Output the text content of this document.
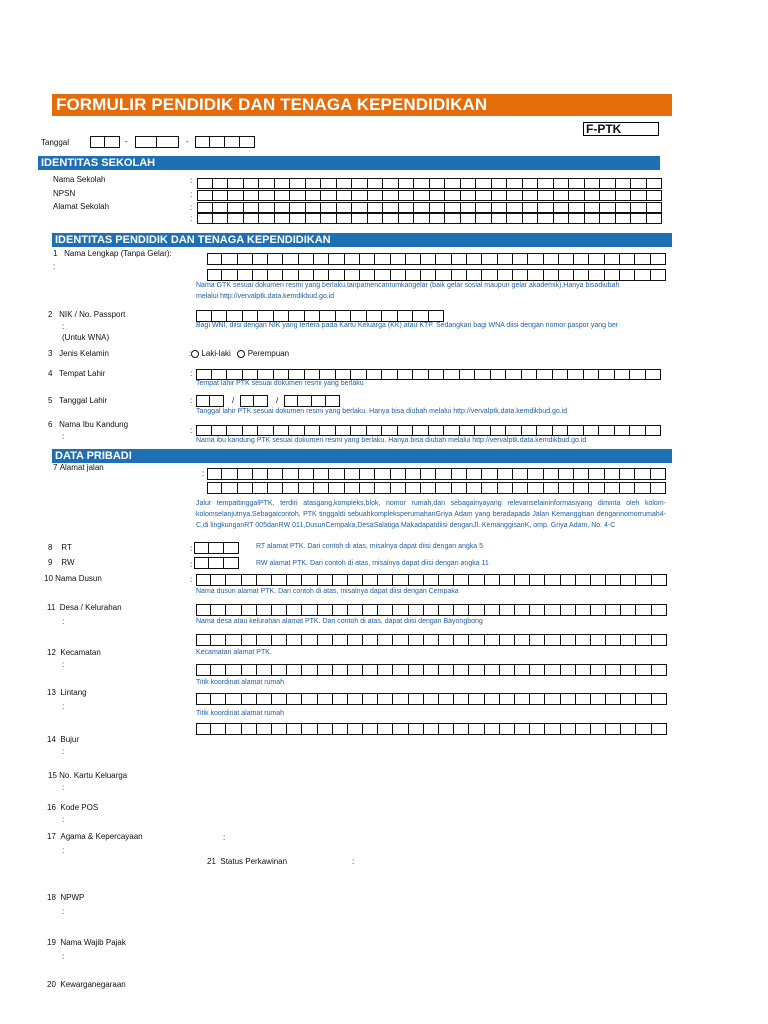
FORMULIR PENDIDIK DAN TENAGA KEPENDIDIKAN
F-PTK
Tanggal	-	-
IDENTITAS SEKOLAH
Nama Sekolah	:
NPSN	:
Alamat Sekolah	:
:
IDENTITAS PENDIDIK DAN TENAGA KEPENDIDIKAN
1 Nama Lengkap (Tanpa Gelar):
:
Nama GTK sesuai dokumen resmi yang berlaku,tanpamencantumkangelar (baik gelar sosial maupun gelar akademik).Hanya bisadiubah
melalui http://vervalptk.data.kemdikbud.go.id
2 NIK / No. Passport
:
(Untuk WNA)
Bagi WNI, diisi dengan NIK yang tertera pada Kartu Keluarga (KK) atau KTP. Sedangkan bagi WNA diisi dengan nomor paspor yang ber
3 Jenis Kelamin	: Laki-laki Perempuan
4 Tempat Lahir	:
Tempat lahir PTK sesuai dokumen resmi yang berlaku
5 Tanggal Lahir	:	/	/
Tanggal lahir PTK sesuai dokumen resmi yang berlaku. Hanya bisa diubah melalui http://vervalptk.data.kemdikbud.go.id
6 Nama Ibu Kandung
:
:
Nama ibu kandung PTK sesuai dokumen resmi yang berlaku. Hanya bisa diubah melalui http://vervalptk.data.kemdikbud.go.id
DATA PRIBADI
7 Alamat jalan
:
Jalur tempattinggalPTK, terdiri atasgang,kompleks,blok, nomor rumah,dan sebagainyayang relevanselaininformasiyang diminta oleh kolom-kolomselanjutnya.Sebagaicontoh, PTK tinggaldi sebuahkompleksperumahanGriya Adam yang beradapada Jalan Kemanggisan dengannomorrumah4-C,di lingkunganRT 005danRW 011,DusunCempaka,DesaSalatiga.Makadapatdiisi denganJl. KemanggisanK, omp. Griya Adam, No. 4-C
8 RT	:	RT alamat PTK. Dari contoh di atas, misalnya dapat diisi dengan angka 5
9 RW	:	RW alamat PTK. Dari contoh di atas, misalnya dapat diisi dengan angka 11
10 Nama Dusun	:
Nama dusun alamat PTK. Dari contoh di atas, misalnya dapat diisi dengan Cempaka
11 Desa / Kelurahan
:	Nama desa atau kelurahan alamat PTK. Dari contoh di atas, dapat diisi dengan Bayongbong
12 Kecamatan
:
Kecamatan alamat PTK.
13 Lintang
:
Titik koordinat alamat rumah
Titik koordinat alamat rumah
14 Bujur
:
15 No. Kartu Keluarga
:
16 Kode POS
:
17 Agama & Kepercayaan	:
:
21 Status Perkawinan	:
18 NPWP
:
19 Nama Wajib Pajak
:
20 Kewarganegaraan
